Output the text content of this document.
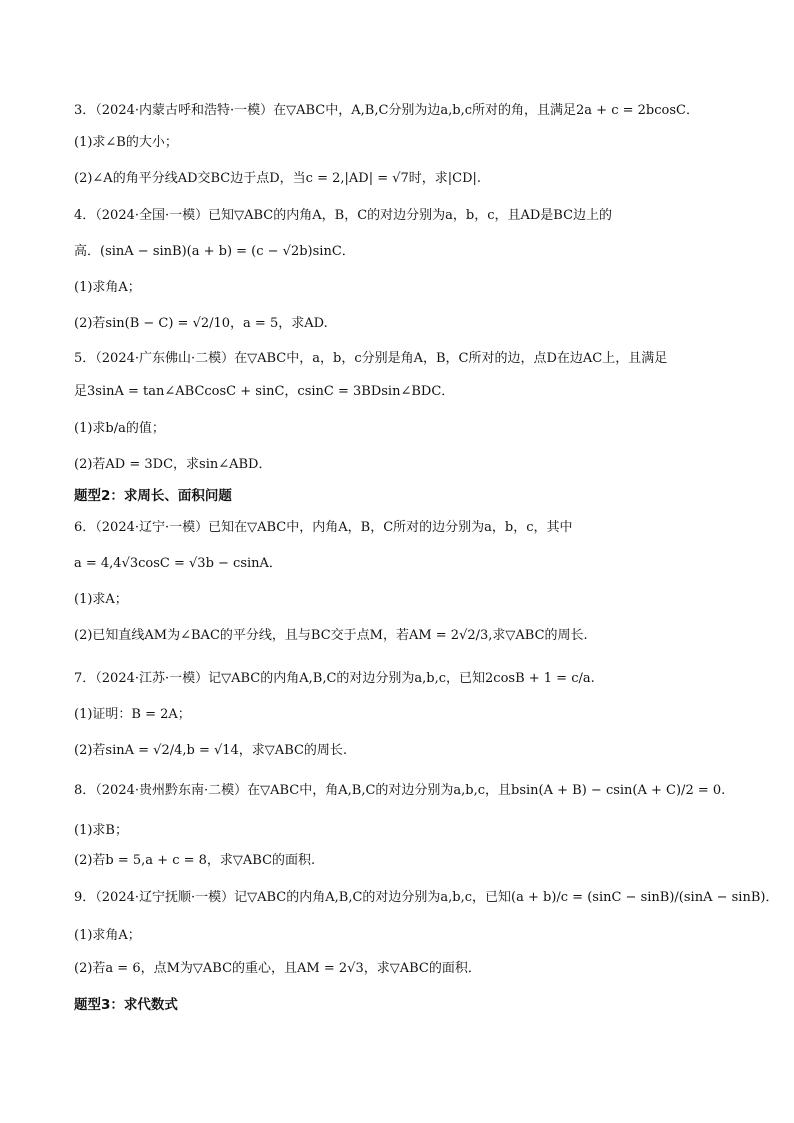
3．（2024·内蒙古呼和浩特·一模）在▽ABC中，A,B,C分别为边a,b,c所对的角，且满足2a + c = 2bcosC．
(1)求∠B的大小；
(2)∠A的角平分线AD交BC边于点D，当c = 2,|AD| = √7时，求|CD|.
4．（2024·全国·一模）已知▽ABC的内角A，B，C的对边分别为a，b，c，且AD是BC边上的
高．(sinA − sinB)(a + b) = (c − √2b)sinC．
(1)求角A；
(2)若sin(B − C) = √2/10，a = 5，求AD.
5．（2024·广东佛山·二模）在▽ABC中，a，b，c分别是角A，B，C所对的边，点D在边AC上，且满足
足3sinA = tan∠ABCcosC + sinC，csinC = 3BDsin∠BDC．
(1)求b/a的值；
(2)若AD = 3DC，求sin∠ABD．
题型2：求周长、面积问题
6．（2024·辽宁·一模）已知在▽ABC中，内角A，B，C所对的边分别为a，b，c，其中
a = 4,4√3cosC = √3b − csinA．
(1)求A；
(2)已知直线AM为∠BAC的平分线，且与BC交于点M，若AM = 2√2/3,求▽ABC的周长.
7．（2024·江苏·一模）记▽ABC的内角A,B,C的对边分别为a,b,c，已知2cosB + 1 = c/a.
(1)证明：B = 2A；
(2)若sinA = √2/4,b = √14，求▽ABC的周长.
8．（2024·贵州黔东南·二模）在▽ABC中，角A,B,C的对边分别为a,b,c，且bsin(A + B) − csin(A + C)/2 = 0.
(1)求B；
(2)若b = 5,a + c = 8，求▽ABC的面积.
9．（2024·辽宁抚顺·一模）记▽ABC的内角A,B,C的对边分别为a,b,c，已知(a + b)/c = (sinC − sinB)/(sinA − sinB)．
(1)求角A；
(2)若a = 6，点M为▽ABC的重心，且AM = 2√3，求▽ABC的面积．
题型3：求代数式
